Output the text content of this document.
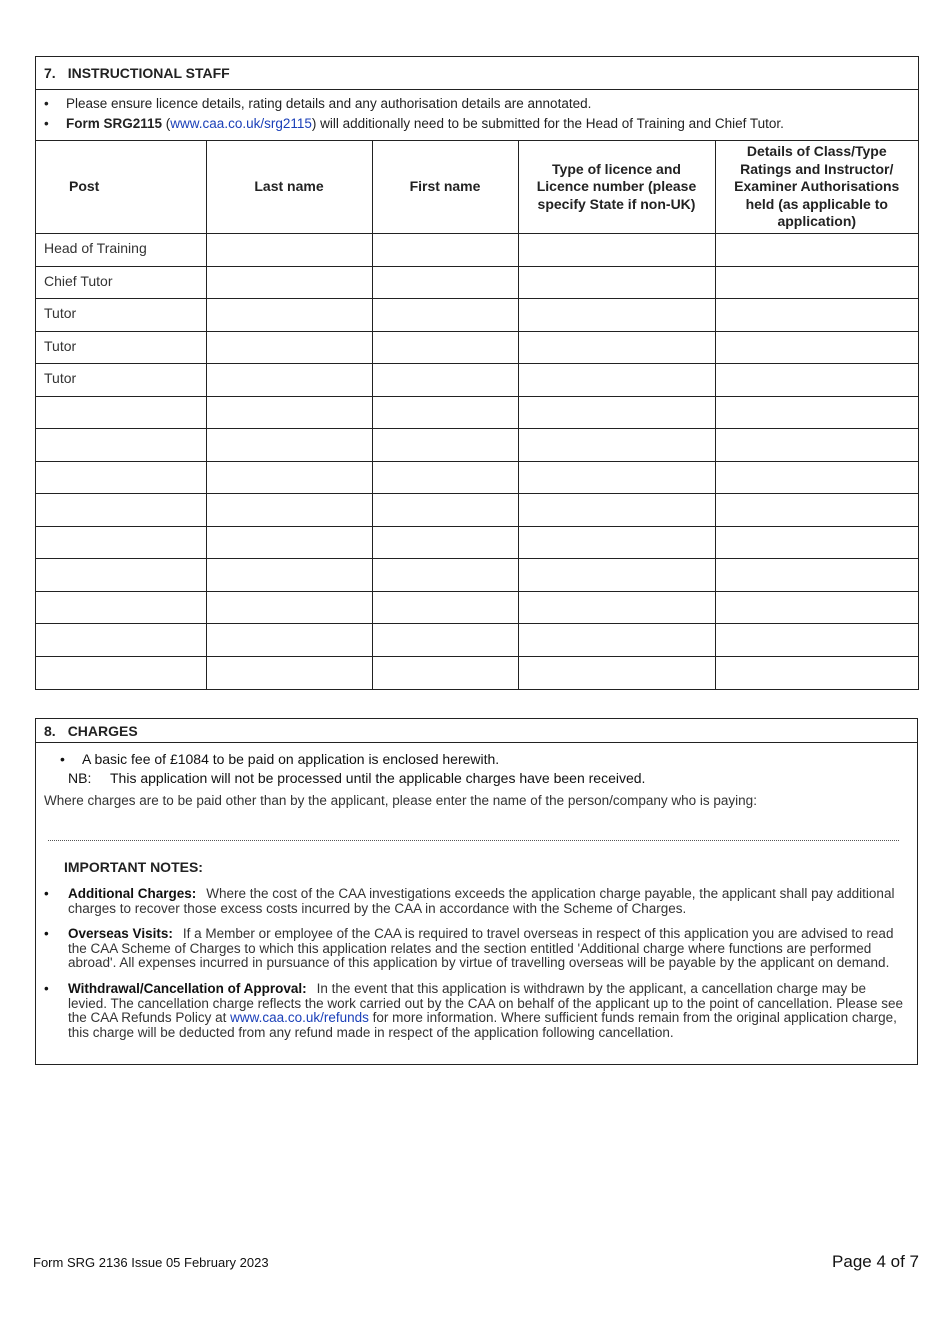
7. INSTRUCTIONAL STAFF
•	Please ensure licence details, rating details and any authorisation details are annotated.
•	Form SRG2115 (www.caa.co.uk/srg2115) will additionally need to be submitted for the Head of Training and Chief Tutor.
Post	Last name	First name	Type of licence and Licence number (please specify State if non-UK)	Details of Class/Type Ratings and Instructor/ Examiner Authorisations held (as applicable to application)
Head of Training				
Chief Tutor				
Tutor				
Tutor				
Tutor				

8. CHARGES
• A basic fee of £1084 to be paid on application is enclosed herewith.
NB: This application will not be processed until the applicable charges have been received.
Where charges are to be paid other than by the applicant, please enter the name of the person/company who is paying:
IMPORTANT NOTES:
•	Additional Charges: Where the cost of the CAA investigations exceeds the application charge payable, the applicant shall pay additional charges to recover those excess costs incurred by the CAA in accordance with the Scheme of Charges.
•	Overseas Visits: If a Member or employee of the CAA is required to travel overseas in respect of this application you are advised to read the CAA Scheme of Charges to which this application relates and the section entitled 'Additional charge where functions are performed abroad'. All expenses incurred in pursuance of this application by virtue of travelling overseas will be payable by the applicant on demand.
•	Withdrawal/Cancellation of Approval: In the event that this application is withdrawn by the applicant, a cancellation charge may be levied. The cancellation charge reflects the work carried out by the CAA on behalf of the applicant up to the point of cancellation. Please see the CAA Refunds Policy at www.caa.co.uk/refunds for more information. Where sufficient funds remain from the original application charge, this charge will be deducted from any refund made in respect of the application following cancellation.
Form SRG 2136 Issue 05 February 2023	Page 4 of 7
